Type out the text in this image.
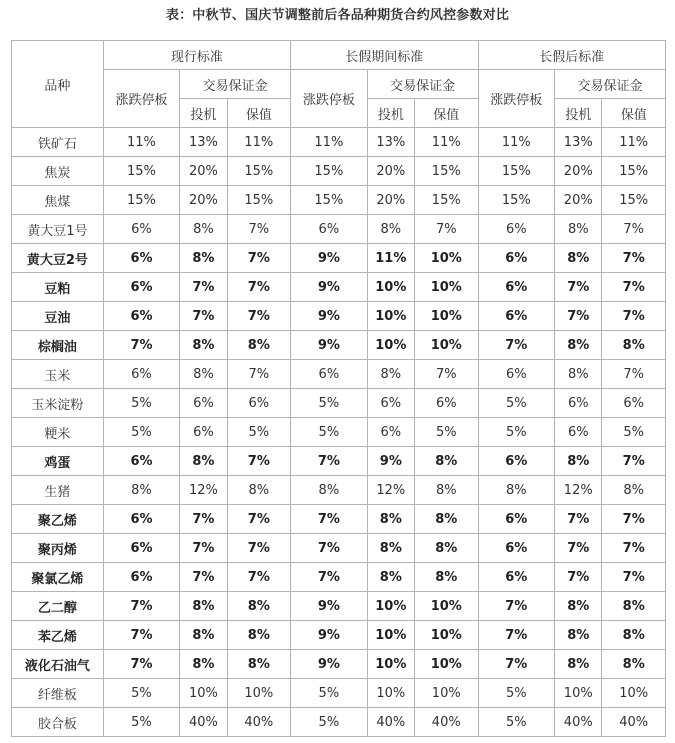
表：中秋节、国庆节调整前后各品种期货合约风控参数对比
品种	现行标准			长假期间标准			长假后标准		
	涨跌停板	交易保证金		涨跌停板	交易保证金		涨跌停板	交易保证金	
		投机	保值		投机	保值		投机	保值
铁矿石	11%	13%	11%	11%	13%	11%	11%	13%	11%
焦炭	15%	20%	15%	15%	20%	15%	15%	20%	15%
焦煤	15%	20%	15%	15%	20%	15%	15%	20%	15%
黄大豆1号	6%	8%	7%	6%	8%	7%	6%	8%	7%
黄大豆2号	6%	8%	7%	9%	11%	10%	6%	8%	7%
豆粕	6%	7%	7%	9%	10%	10%	6%	7%	7%
豆油	6%	7%	7%	9%	10%	10%	6%	7%	7%
棕榈油	7%	8%	8%	9%	10%	10%	7%	8%	8%
玉米	6%	8%	7%	6%	8%	7%	6%	8%	7%
玉米淀粉	5%	6%	6%	5%	6%	6%	5%	6%	6%
粳米	5%	6%	5%	5%	6%	5%	5%	6%	5%
鸡蛋	6%	8%	7%	7%	9%	8%	6%	8%	7%
生猪	8%	12%	8%	8%	12%	8%	8%	12%	8%
聚乙烯	6%	7%	7%	7%	8%	8%	6%	7%	7%
聚丙烯	6%	7%	7%	7%	8%	8%	6%	7%	7%
聚氯乙烯	6%	7%	7%	7%	8%	8%	6%	7%	7%
乙二醇	7%	8%	8%	9%	10%	10%	7%	8%	8%
苯乙烯	7%	8%	8%	9%	10%	10%	7%	8%	8%
液化石油气	7%	8%	8%	9%	10%	10%	7%	8%	8%
纤维板	5%	10%	10%	5%	10%	10%	5%	10%	10%
胶合板	5%	40%	40%	5%	40%	40%	5%	40%	40%
